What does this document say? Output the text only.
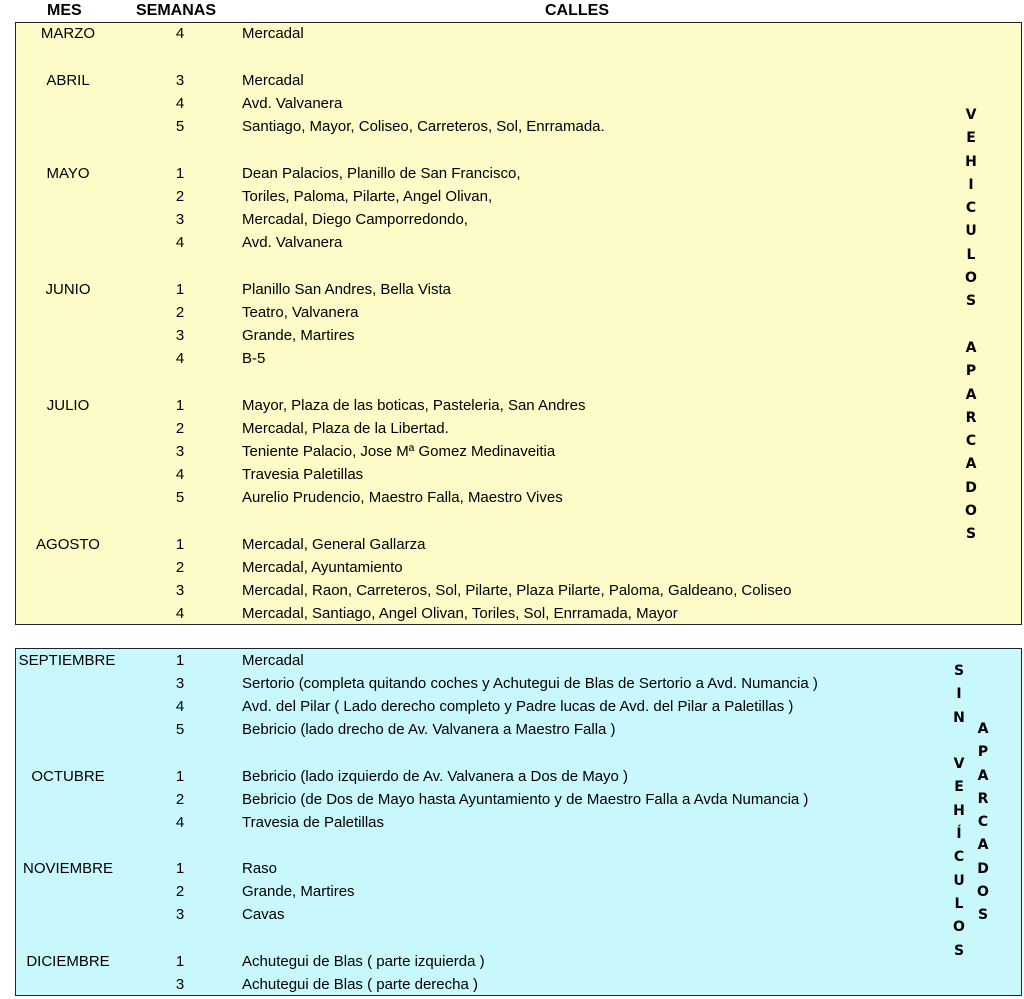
MES	SEMANAS	CALLES
MARZO	4	Mercadal
ABRIL	3	Mercadal
4	Avd. Valvanera
5	Santiago, Mayor, Coliseo, Carreteros, Sol, Enrramada.
MAYO	1	Dean Palacios, Planillo de San Francisco,
2	Toriles, Paloma, Pilarte, Angel Olivan,
3	Mercadal, Diego Camporredondo,
4	Avd. Valvanera
JUNIO	1	Planillo San Andres, Bella Vista
2	Teatro, Valvanera
3	Grande, Martires
4	B-5
JULIO	1	Mayor, Plaza de las boticas, Pasteleria, San Andres
2	Mercadal, Plaza de la Libertad.
3	Teniente Palacio, Jose Mª Gomez Medinaveitia
4	Travesia Paletillas
5	Aurelio Prudencio, Maestro Falla, Maestro Vives
AGOSTO	1	Mercadal, General Gallarza
2	Mercadal, Ayuntamiento
3	Mercadal, Raon, Carreteros, Sol, Pilarte, Plaza Pilarte, Paloma, Galdeano, Coliseo
4	Mercadal, Santiago, Angel Olivan, Toriles, Sol, Enrramada, Mayor
SEPTIEMBRE	1	Mercadal
3	Sertorio (completa quitando coches y Achutegui de Blas de Sertorio a Avd. Numancia )
4	Avd. del Pilar ( Lado derecho completo y Padre lucas de Avd. del Pilar a Paletillas )
5	Bebricio (lado drecho de Av. Valvanera a Maestro Falla )
OCTUBRE	1	Bebricio (lado izquierdo de Av. Valvanera a Dos de Mayo )
2	Bebricio (de Dos de Mayo hasta Ayuntamiento y de Maestro Falla a Avda Numancia )
4	Travesia de Paletillas
NOVIEMBRE	1	Raso
2	Grande, Martires
3	Cavas
DICIEMBRE	1	Achutegui de Blas ( parte izquierda )
3	Achutegui de Blas ( parte derecha )
V
E
H
I
C
U
L
O
S
A
P
A
R
C
A
D
O
S
S
I
N
V
E
H
Í
C
U
L
O
S
A
P
A
R
C
A
D
O
S
